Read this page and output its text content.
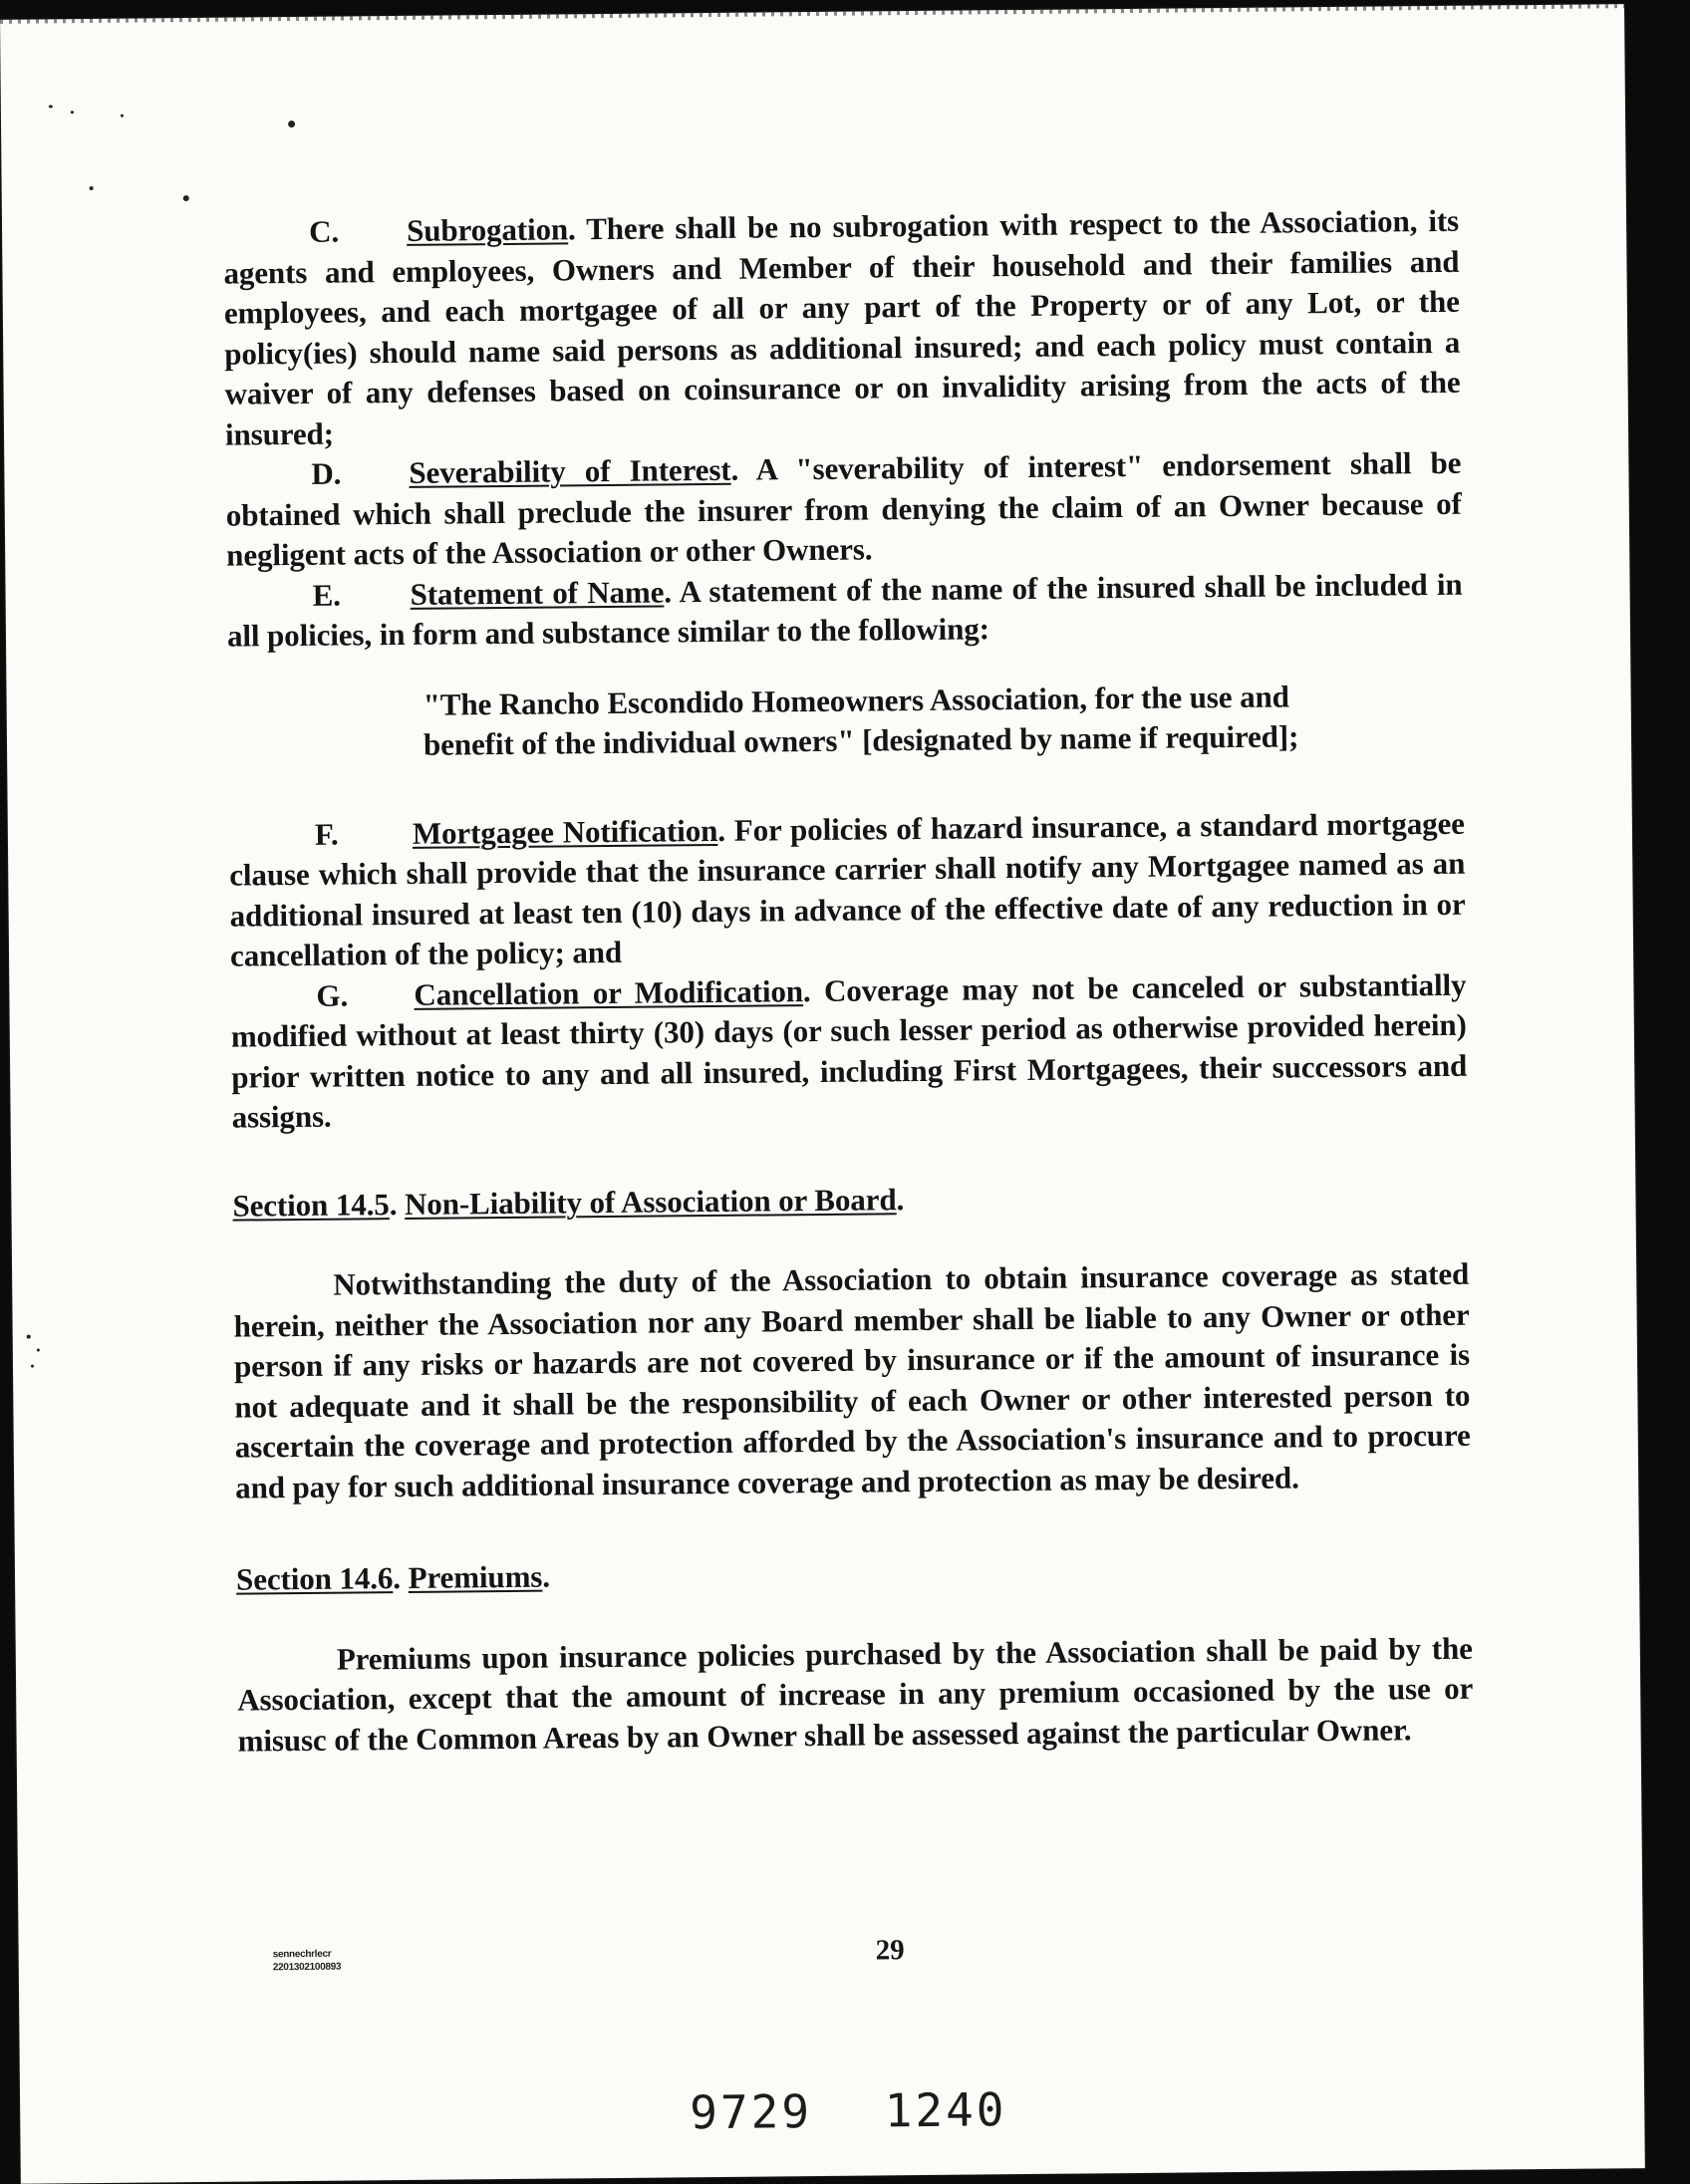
C. Subrogation. There shall be no subrogation with respect to the Association, its agents and employees, Owners and Member of their household and their families and employees, and each mortgagee of all or any part of the Property or of any Lot, or the policy(ies) should name said persons as additional insured; and each policy must contain a waiver of any defenses based on coinsurance or on invalidity arising from the acts of the insured;

D. Severability of Interest. A "severability of interest" endorsement shall be obtained which shall preclude the insurer from denying the claim of an Owner because of negligent acts of the Association or other Owners.

E. Statement of Name. A statement of the name of the insured shall be included in all policies, in form and substance similar to the following:

"The Rancho Escondido Homeowners Association, for the use and benefit of the individual owners" [designated by name if required];

F. Mortgagee Notification. For policies of hazard insurance, a standard mortgagee clause which shall provide that the insurance carrier shall notify any Mortgagee named as an additional insured at least ten (10) days in advance of the effective date of any reduction in or cancellation of the policy; and

G. Cancellation or Modification. Coverage may not be canceled or substantially modified without at least thirty (30) days (or such lesser period as otherwise provided herein) prior written notice to any and all insured, including First Mortgagees, their successors and assigns.

Section 14.5. Non-Liability of Association or Board.

Notwithstanding the duty of the Association to obtain insurance coverage as stated herein, neither the Association nor any Board member shall be liable to any Owner or other person if any risks or hazards are not covered by insurance or if the amount of insurance is not adequate and it shall be the responsibility of each Owner or other interested person to ascertain the coverage and protection afforded by the Association's insurance and to procure and pay for such additional insurance coverage and protection as may be desired.

Section 14.6. Premiums.

Premiums upon insurance policies purchased by the Association shall be paid by the Association, except that the amount of increase in any premium occasioned by the use or misusc of the Common Areas by an Owner shall be assessed against the particular Owner.

sennechrlecr
2201302100893
29
9729 1240
